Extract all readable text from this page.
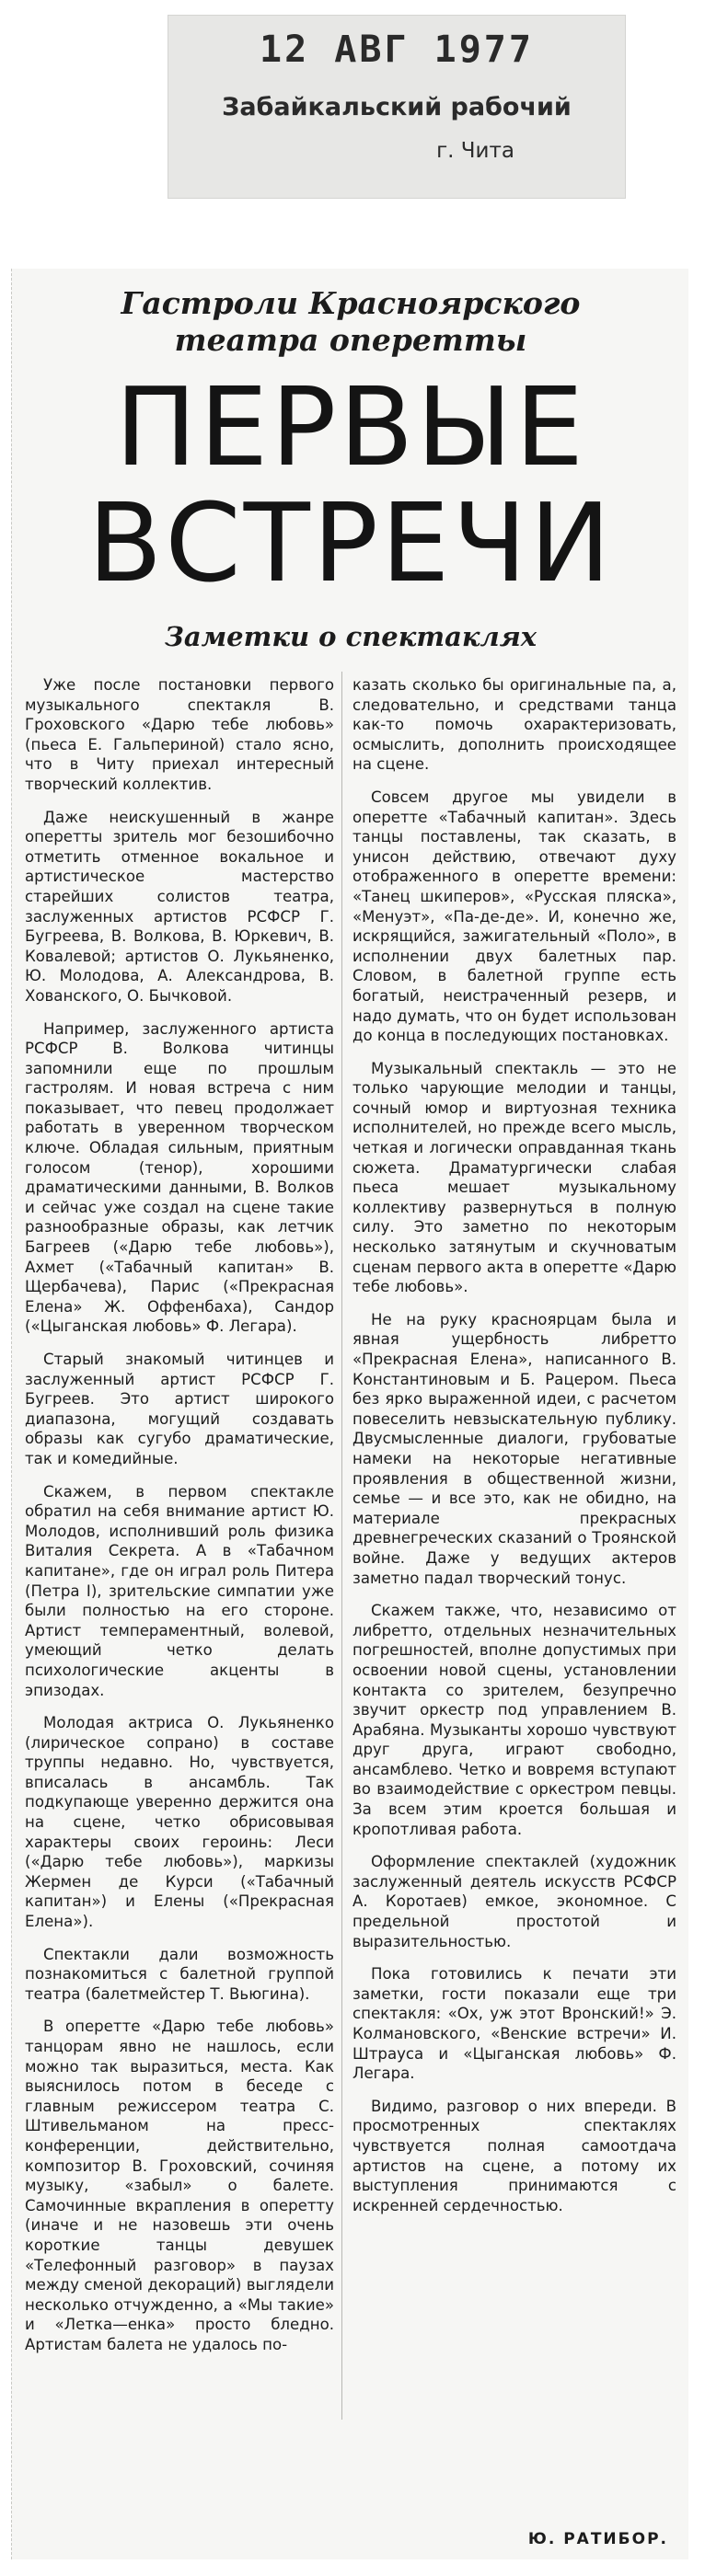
12 АВГ 1977
Забайкальский рабочий
г. Чита
Гастроли Красноярского
театра оперетты
ПЕРВЫЕ
ВСТРЕЧИ
Заметки о спектаклях

Уже после постановки первого музыкального спектакля В. Гроховского «Дарю тебе любовь» (пьеса Е. Гальпериной) стало ясно, что в Читу приехал интересный творческий коллектив.

Даже неискушенный в жанре оперетты зритель мог безошибочно отметить отменное вокальное и артистическое мастерство старейших солистов театра, заслуженных артистов РСФСР Г. Бугреева, В. Волкова, В. Юркевич, В. Ковалевой; артистов О. Лукьяненко, Ю. Молодова, А. Александрова, В. Хованского, О. Бычковой.

Например, заслуженного артиста РСФСР В. Волкова читинцы запомнили еще по прошлым гастролям. И новая встреча с ним показывает, что певец продолжает работать в уверенном творческом ключе. Обладая сильным, приятным голосом (тенор), хорошими драматическими данными, В. Волков и сейчас уже создал на сцене такие разнообразные образы, как летчик Багреев («Дарю тебе любовь»), Ахмет («Табачный капитан» В. Щербачева), Парис («Прекрасная Елена» Ж. Оффенбаха), Сандор («Цыганская любовь» Ф. Легара).

Старый знакомый читинцев и заслуженный артист РСФСР Г. Бугреев. Это артист широкого диапазона, могущий создавать образы как сугубо драматические, так и комедийные.

Скажем, в первом спектакле обратил на себя внимание артист Ю. Молодов, исполнивший роль физика Виталия Секрета. А в «Табачном капитане», где он играл роль Питера (Петра I), зрительские симпатии уже были полностью на его стороне. Артист темпераментный, волевой, умеющий четко делать психологические акценты в эпизодах.

Молодая актриса О. Лукьяненко (лирическое сопрано) в составе труппы недавно. Но, чувствуется, вписалась в ансамбль. Так подкупающе уверенно держится она на сцене, четко обрисовывая характеры своих героинь: Леси («Дарю тебе любовь»), маркизы Жермен де Курси («Табачный капитан») и Елены («Прекрасная Елена»).

Спектакли дали возможность познакомиться с балетной группой театра (балетмейстер Т. Вьюгина).

В оперетте «Дарю тебе любовь» танцорам явно не нашлось, если можно так выразиться, места. Как выяснилось потом в беседе с главным режиссером театра С. Штивельманом на пресс-конференции, действительно, композитор В. Гроховский, сочиняя музыку, «забыл» о балете. Самочинные вкрапления в оперетту (иначе и не назовешь эти очень короткие танцы девушек «Телефонный разговор» в паузах между сменой декораций) выглядели несколько отчужденно, а «Мы такие» и «Летка—енка» просто бледно. Артистам балета не удалось по-

казать сколько бы оригинальные па, а, следовательно, и средствами танца как-то помочь охарактеризовать, осмыслить, дополнить происходящее на сцене.

Совсем другое мы увидели в оперетте «Табачный капитан». Здесь танцы поставлены, так сказать, в унисон действию, отвечают духу отображенного в оперетте времени: «Танец шкиперов», «Русская пляска», «Менуэт», «Па-де-де». И, конечно же, искрящийся, зажигательный «Поло», в исполнении двух балетных пар. Словом, в балетной группе есть богатый, неистраченный резерв, и надо думать, что он будет использован до конца в последующих постановках.

Музыкальный спектакль — это не только чарующие мелодии и танцы, сочный юмор и виртуозная техника исполнителей, но прежде всего мысль, четкая и логически оправданная ткань сюжета. Драматургически слабая пьеса мешает музыкальному коллективу развернуться в полную силу. Это заметно по некоторым несколько затянутым и скучноватым сценам первого акта в оперетте «Дарю тебе любовь».

Не на руку красноярцам была и явная ущербность либретто «Прекрасная Елена», написанного В. Константиновым и Б. Рацером. Пьеса без ярко выраженной идеи, с расчетом повеселить невзыскательную публику. Двусмысленные диалоги, грубоватые намеки на некоторые негативные проявления в общественной жизни, семье — и все это, как не обидно, на материале прекрасных древнегреческих сказаний о Троянской войне. Даже у ведущих актеров заметно падал творческий тонус.

Скажем также, что, независимо от либретто, отдельных незначительных погрешностей, вполне допустимых при освоении новой сцены, установлении контакта со зрителем, безупречно звучит оркестр под управлением В. Арабяна. Музыканты хорошо чувствуют друг друга, играют свободно, ансамблево. Четко и вовремя вступают во взаимодействие с оркестром певцы. За всем этим кроется большая и кропотливая работа.

Оформление спектаклей (художник заслуженный деятель искусств РСФСР А. Коротаев) емкое, экономное. С предельной простотой и выразительностью.

Пока готовились к печати эти заметки, гости показали еще три спектакля: «Ох, уж этот Вронский!» Э. Колмановского, «Венские встречи» И. Штрауса и «Цыганская любовь» Ф. Легара.

Видимо, разговор о них впереди. В просмотренных спектаклях чувствуется полная самоотдача артистов на сцене, а потому их выступления принимаются с искренней сердечностью.

Ю. РАТИБОР.
